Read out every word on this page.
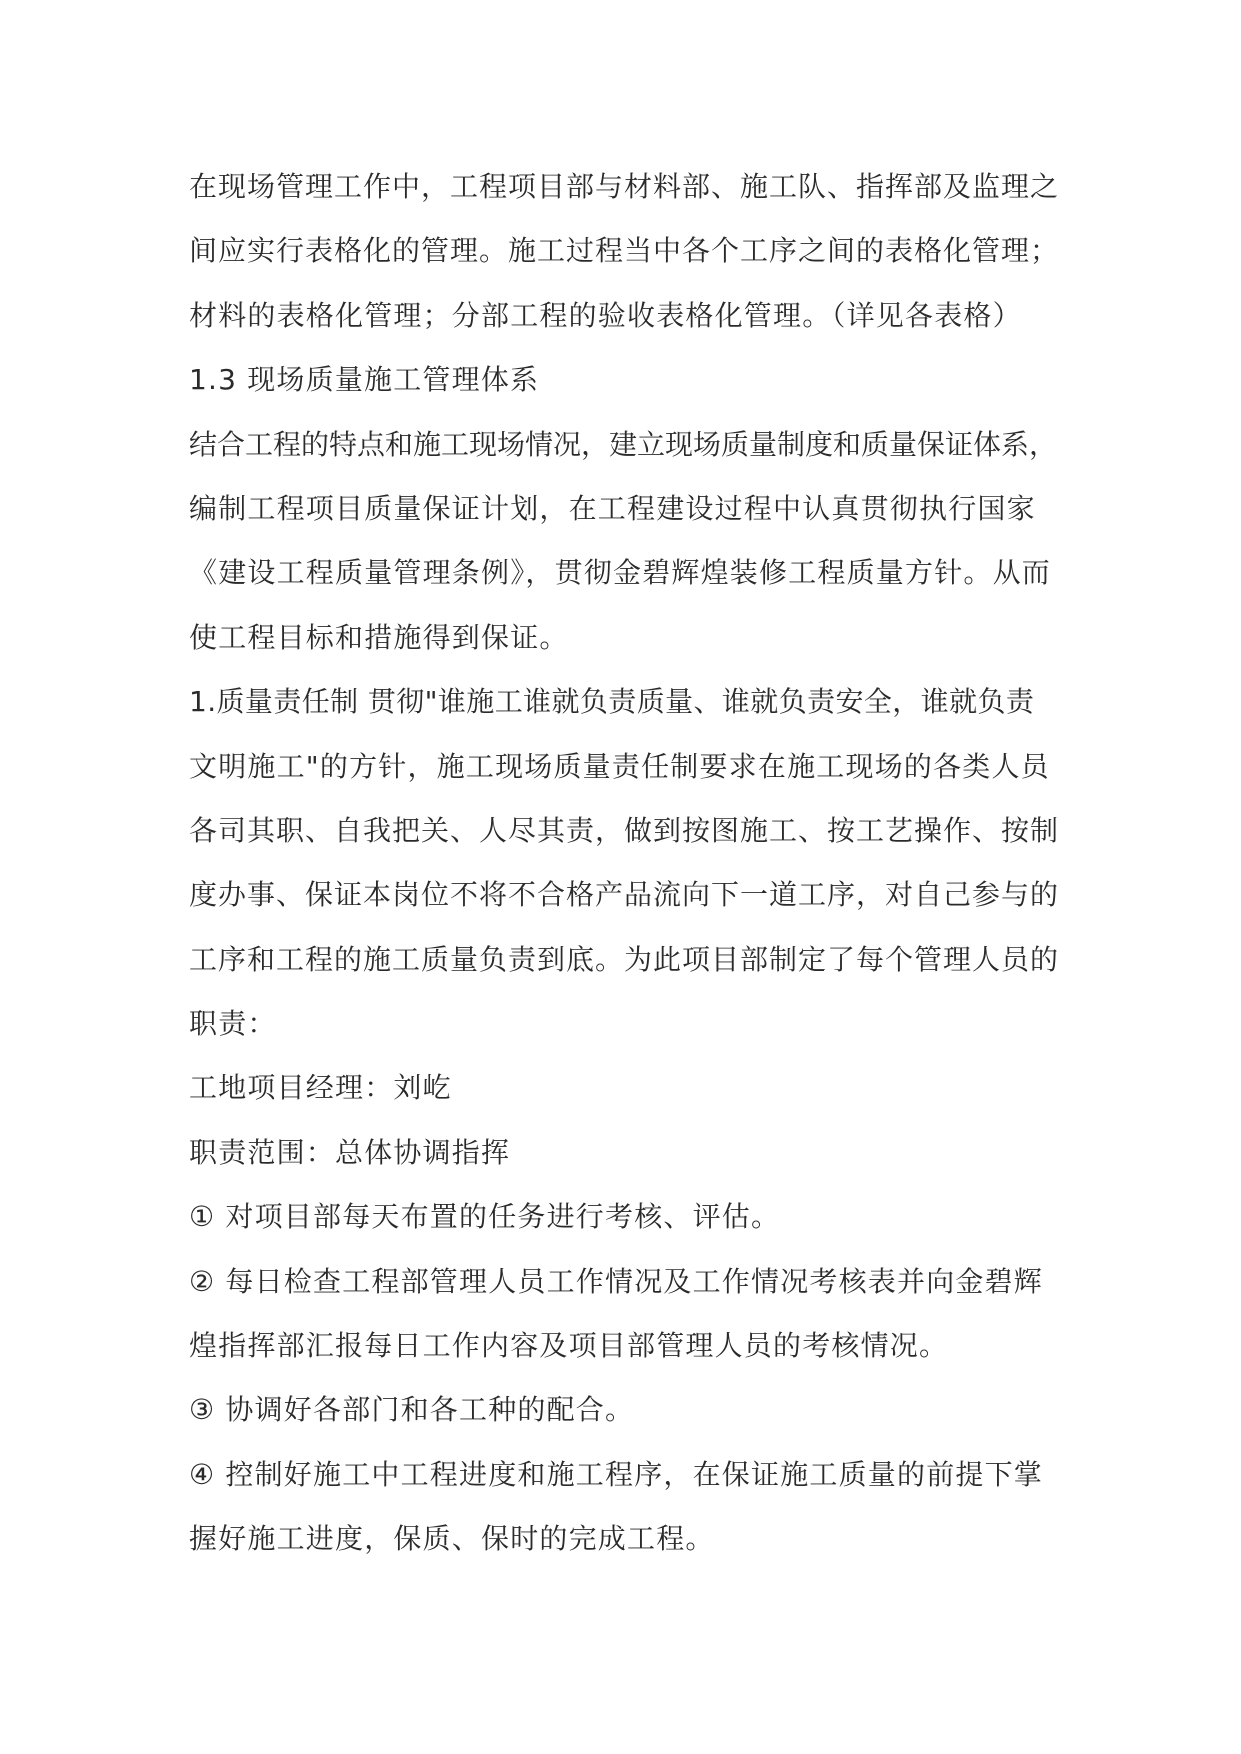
在现场管理工作中，工程项目部与材料部、施工队、指挥部及监理之
间应实行表格化的管理。施工过程当中各个工序之间的表格化管理；
材料的表格化管理；分部工程的验收表格化管理。（详见各表格）
1.3 现场质量施工管理体系
结合工程的特点和施工现场情况，建立现场质量制度和质量保证体系，
编制工程项目质量保证计划，在工程建设过程中认真贯彻执行国家
《建设工程质量管理条例》，贯彻金碧辉煌装修工程质量方针。从而
使工程目标和措施得到保证。
1.质量责任制 贯彻"谁施工谁就负责质量、谁就负责安全，谁就负责
文明施工"的方针，施工现场质量责任制要求在施工现场的各类人员
各司其职、自我把关、人尽其责，做到按图施工、按工艺操作、按制
度办事、保证本岗位不将不合格产品流向下一道工序，对自己参与的
工序和工程的施工质量负责到底。为此项目部制定了每个管理人员的
职责：
工地项目经理：刘屹
职责范围：总体协调指挥
① 对项目部每天布置的任务进行考核、评估。
② 每日检查工程部管理人员工作情况及工作情况考核表并向金碧辉
煌指挥部汇报每日工作内容及项目部管理人员的考核情况。
③ 协调好各部门和各工种的配合。
④ 控制好施工中工程进度和施工程序，在保证施工质量的前提下掌
握好施工进度，保质、保时的完成工程。
